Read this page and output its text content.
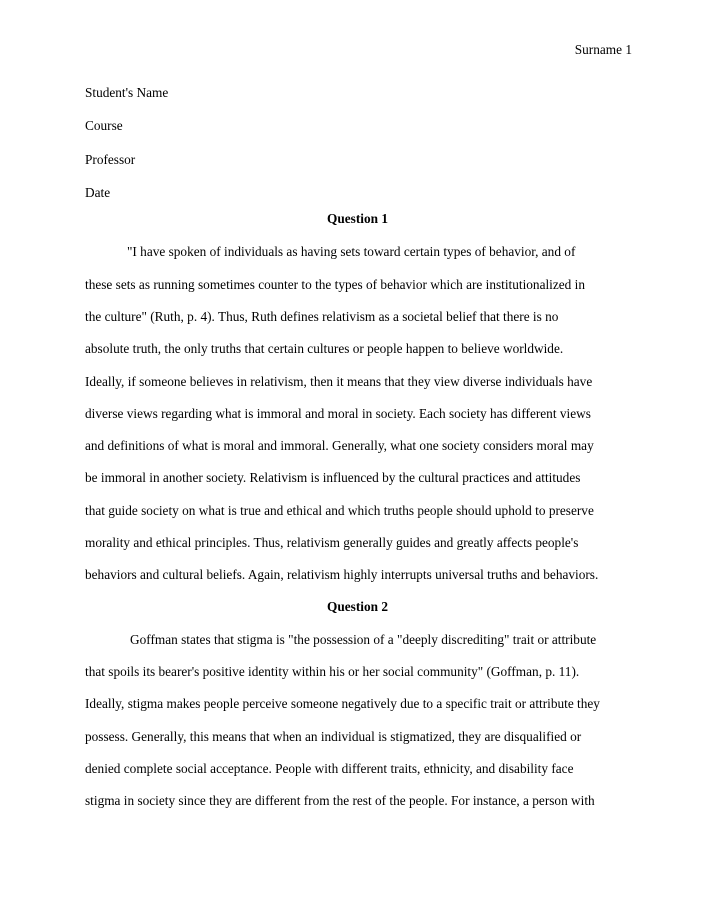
Surname 1
Student's Name
Course
Professor
Date
Question 1
"I have spoken of individuals as having sets toward certain types of behavior, and of
these sets as running sometimes counter to the types of behavior which are institutionalized in
the culture" (Ruth, p. 4). Thus, Ruth defines relativism as a societal belief that there is no
absolute truth, the only truths that certain cultures or people happen to believe worldwide.
Ideally, if someone believes in relativism, then it means that they view diverse individuals have
diverse views regarding what is immoral and moral in society. Each society has different views
and definitions of what is moral and immoral. Generally, what one society considers moral may
be immoral in another society. Relativism is influenced by the cultural practices and attitudes
that guide society on what is true and ethical and which truths people should uphold to preserve
morality and ethical principles. Thus, relativism generally guides and greatly affects people's
behaviors and cultural beliefs. Again, relativism highly interrupts universal truths and behaviors.
Question 2
Goffman states that stigma is "the possession of a "deeply discrediting" trait or attribute
that spoils its bearer's positive identity within his or her social community" (Goffman, p. 11).
Ideally, stigma makes people perceive someone negatively due to a specific trait or attribute they
possess. Generally, this means that when an individual is stigmatized, they are disqualified or
denied complete social acceptance. People with different traits, ethnicity, and disability face
stigma in society since they are different from the rest of the people. For instance, a person with
